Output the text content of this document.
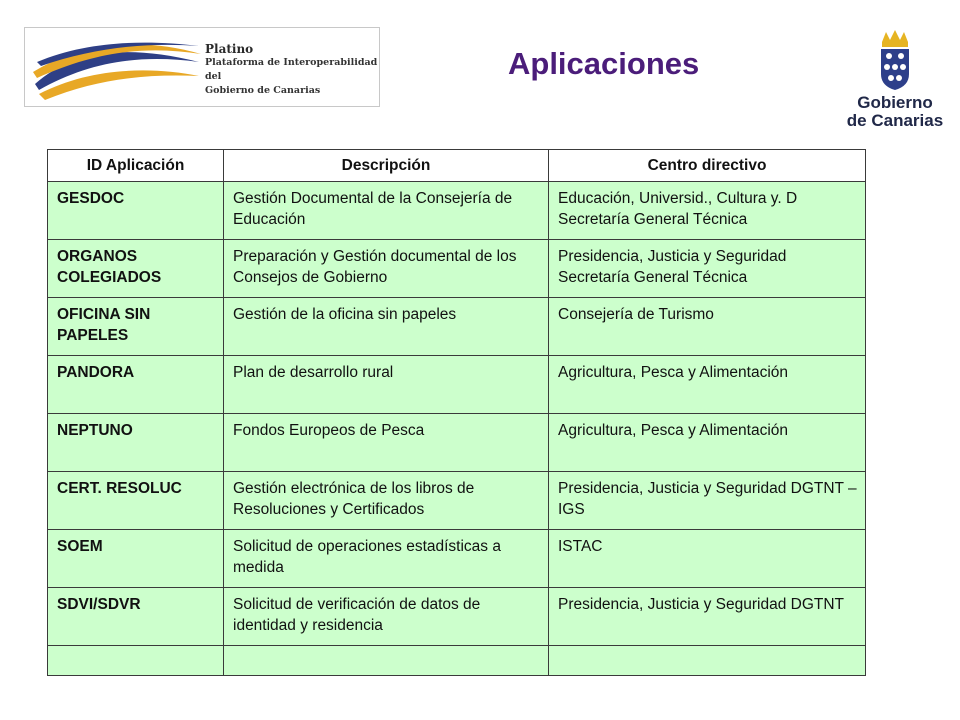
Platino
Plataforma de Interoperabilidad del
Gobierno de Canarias
Aplicaciones
Gobierno
de Canarias
ID Aplicación	Descripción	Centro directivo
GESDOC	Gestión Documental de la Consejería de Educación	Educación, Universid., Cultura y. D Secretaría General Técnica
ORGANOS COLEGIADOS	Preparación y Gestión documental de los Consejos de Gobierno	Presidencia, Justicia y Seguridad Secretaría General Técnica
OFICINA SIN PAPELES	Gestión de la oficina sin papeles	Consejería de Turismo
PANDORA	Plan de desarrollo rural	Agricultura, Pesca y Alimentación
NEPTUNO	Fondos Europeos de Pesca	Agricultura, Pesca y Alimentación
CERT. RESOLUC	Gestión electrónica de los libros de Resoluciones y Certificados	Presidencia, Justicia y Seguridad DGTNT – IGS
SOEM	Solicitud de operaciones estadísticas a medida	ISTAC
SDVI/SDVR	Solicitud de verificación de datos de identidad y residencia	Presidencia, Justicia y Seguridad DGTNT
